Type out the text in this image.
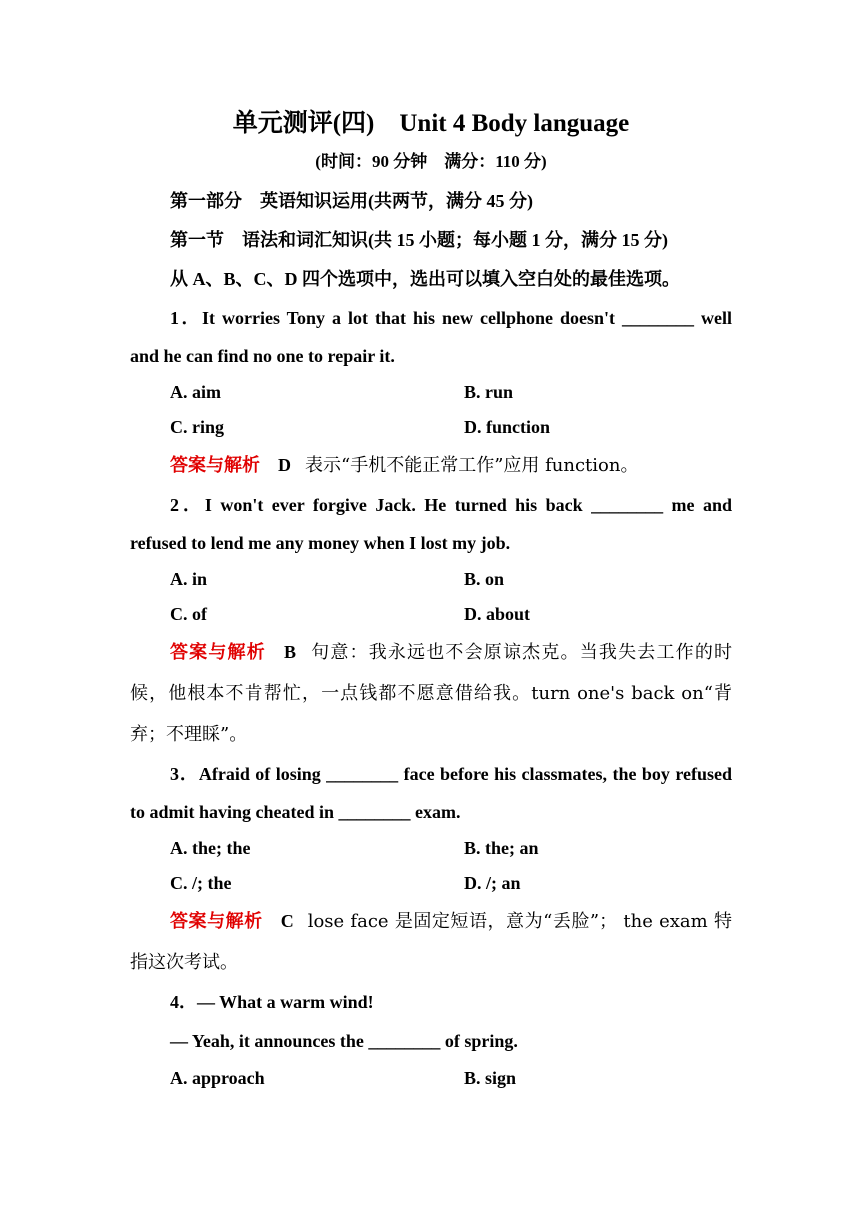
单元测评(四)　Unit 4 Body language
(时间：90 分钟　满分：110 分)
第一部分　英语知识运用(共两节，满分 45 分)
第一节　语法和词汇知识(共 15 小题；每小题 1 分，满分 15 分)
从 A、B、C、D 四个选项中，选出可以填入空白处的最佳选项。
1．It worries Tony a lot that his new cellphone doesn't ________ well and he can find no one to repair it.
A. aim	B. run
C. ring	D. function
答案与解析 D 表示“手机不能正常工作”应用 function。
2．I won't ever forgive Jack. He turned his back ________ me and refused to lend me any money when I lost my job.
A. in	B. on
C. of	D. about
答案与解析 B 句意：我永远也不会原谅杰克。当我失去工作的时候，他根本不肯帮忙，一点钱都不愿意借给我。turn one's back on“背弃；不理睬”。
3．Afraid of losing ________ face before his classmates, the boy refused to admit having cheated in ________ exam.
A. the; the	B. the; an
C. /; the	D. /; an
答案与解析 C lose face 是固定短语，意为“丢脸”； the exam 特指这次考试。
4．— What a warm wind!
— Yeah, it announces the ________ of spring.
A. approach	B. sign
